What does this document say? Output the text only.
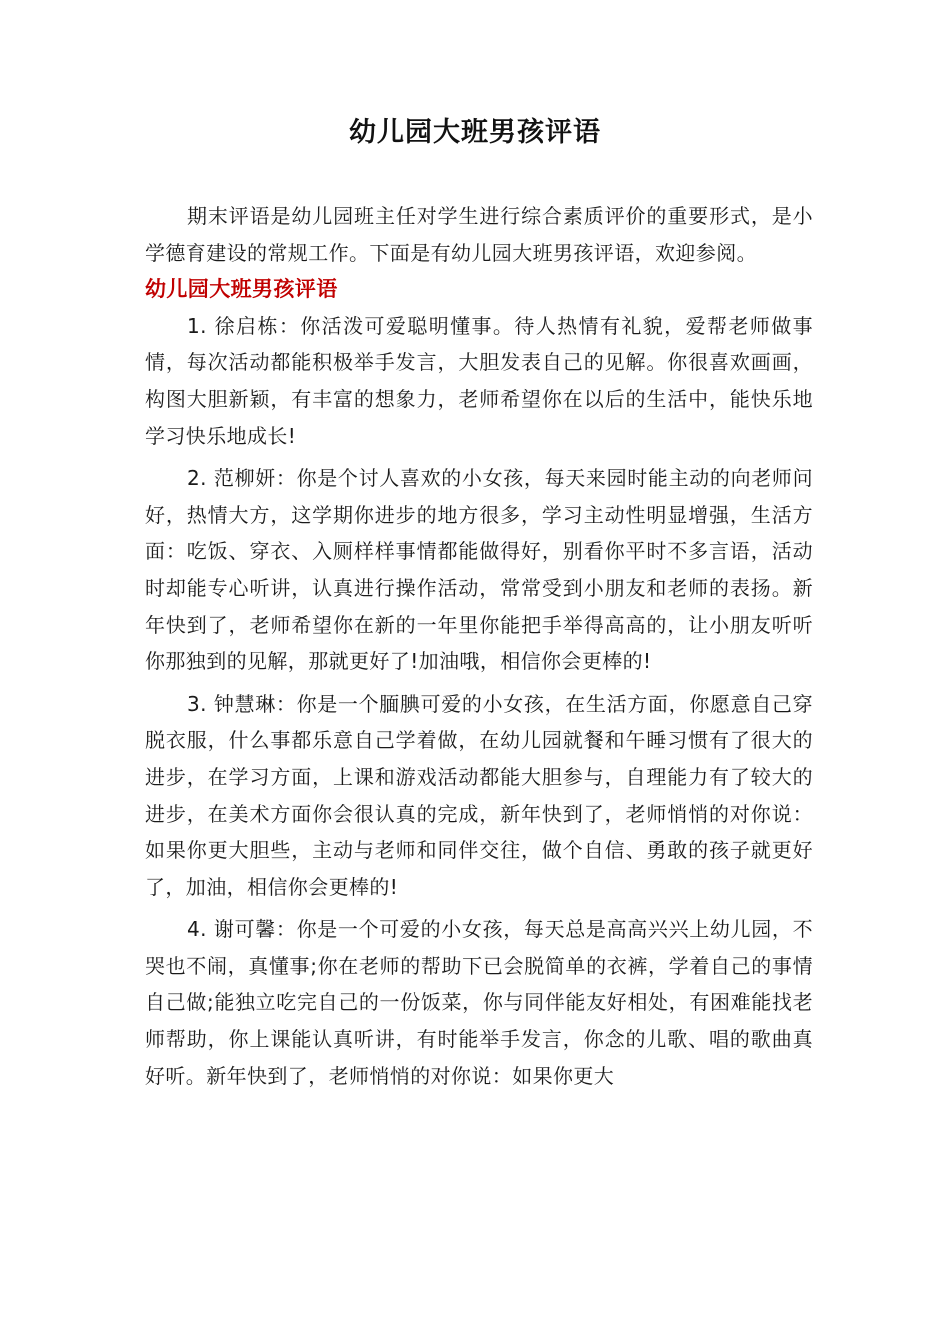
幼儿园大班男孩评语

期末评语是幼儿园班主任对学生进行综合素质评价的重要形式，是小学德育建设的常规工作。下面是有幼儿园大班男孩评语，欢迎参阅。

幼儿园大班男孩评语

1. 徐启栋：你活泼可爱聪明懂事。待人热情有礼貌，爱帮老师做事情，每次活动都能积极举手发言，大胆发表自己的见解。你很喜欢画画，构图大胆新颖，有丰富的想象力，老师希望你在以后的生活中，能快乐地学习快乐地成长!

2. 范柳妍：你是个讨人喜欢的小女孩，每天来园时能主动的向老师问好，热情大方，这学期你进步的地方很多，学习主动性明显增强，生活方面：吃饭、穿衣、入厕样样事情都能做得好，别看你平时不多言语，活动时却能专心听讲，认真进行操作活动，常常受到小朋友和老师的表扬。新年快到了，老师希望你在新的一年里你能把手举得高高的，让小朋友听听你那独到的见解，那就更好了!加油哦，相信你会更棒的!

3. 钟慧琳：你是一个腼腆可爱的小女孩，在生活方面，你愿意自己穿脱衣服，什么事都乐意自己学着做，在幼儿园就餐和午睡习惯有了很大的进步，在学习方面，上课和游戏活动都能大胆参与，自理能力有了较大的进步，在美术方面你会很认真的完成，新年快到了，老师悄悄的对你说：如果你更大胆些，主动与老师和同伴交往，做个自信、勇敢的孩子就更好了，加油，相信你会更棒的!

4. 谢可馨：你是一个可爱的小女孩，每天总是高高兴兴上幼儿园，不哭也不闹，真懂事;你在老师的帮助下已会脱简单的衣裤，学着自己的事情自己做;能独立吃完自己的一份饭菜，你与同伴能友好相处，有困难能找老师帮助，你上课能认真听讲，有时能举手发言，你念的儿歌、唱的歌曲真好听。新年快到了，老师悄悄的对你说：如果你更大
